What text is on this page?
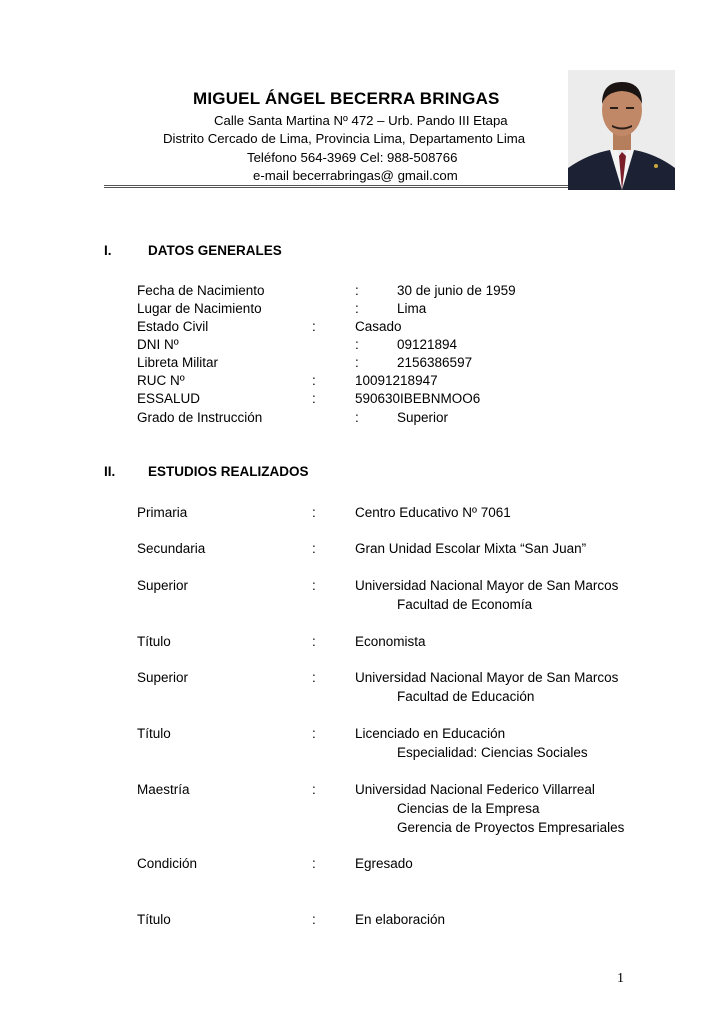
MIGUEL ÁNGEL BECERRA BRINGAS
Calle Santa Martina Nº 472 – Urb. Pando III Etapa
Distrito Cercado de Lima, Provincia Lima, Departamento Lima
Teléfono 564-3969 Cel: 988-508766
e-mail becerrabringas@ gmail.com
I.	DATOS GENERALES
Fecha de Nacimiento	:	30 de junio de 1959
Lugar de Nacimiento	:	Lima
Estado Civil	:	Casado
DNI Nº	:	09121894
Libreta Militar	:	2156386597
RUC Nº	:	10091218947
ESSALUD	:	590630IBEBNMOO6
Grado de Instrucción	:	Superior
II. ESTUDIOS REALIZADOS
Primaria	:	Centro Educativo Nº 7061
Secundaria	:	Gran Unidad Escolar Mixta “San Juan”
Superior	:	Universidad Nacional Mayor de San Marcos
Facultad de Economía
Título	:	Economista
Superior	:	Universidad Nacional Mayor de San Marcos
Facultad de Educación
Título	:	Licenciado en Educación
Especialidad: Ciencias Sociales
Maestría	:	Universidad Nacional Federico Villarreal
Ciencias de la Empresa
Gerencia de Proyectos Empresariales
Condición	:	Egresado
Título	:	En elaboración
1
